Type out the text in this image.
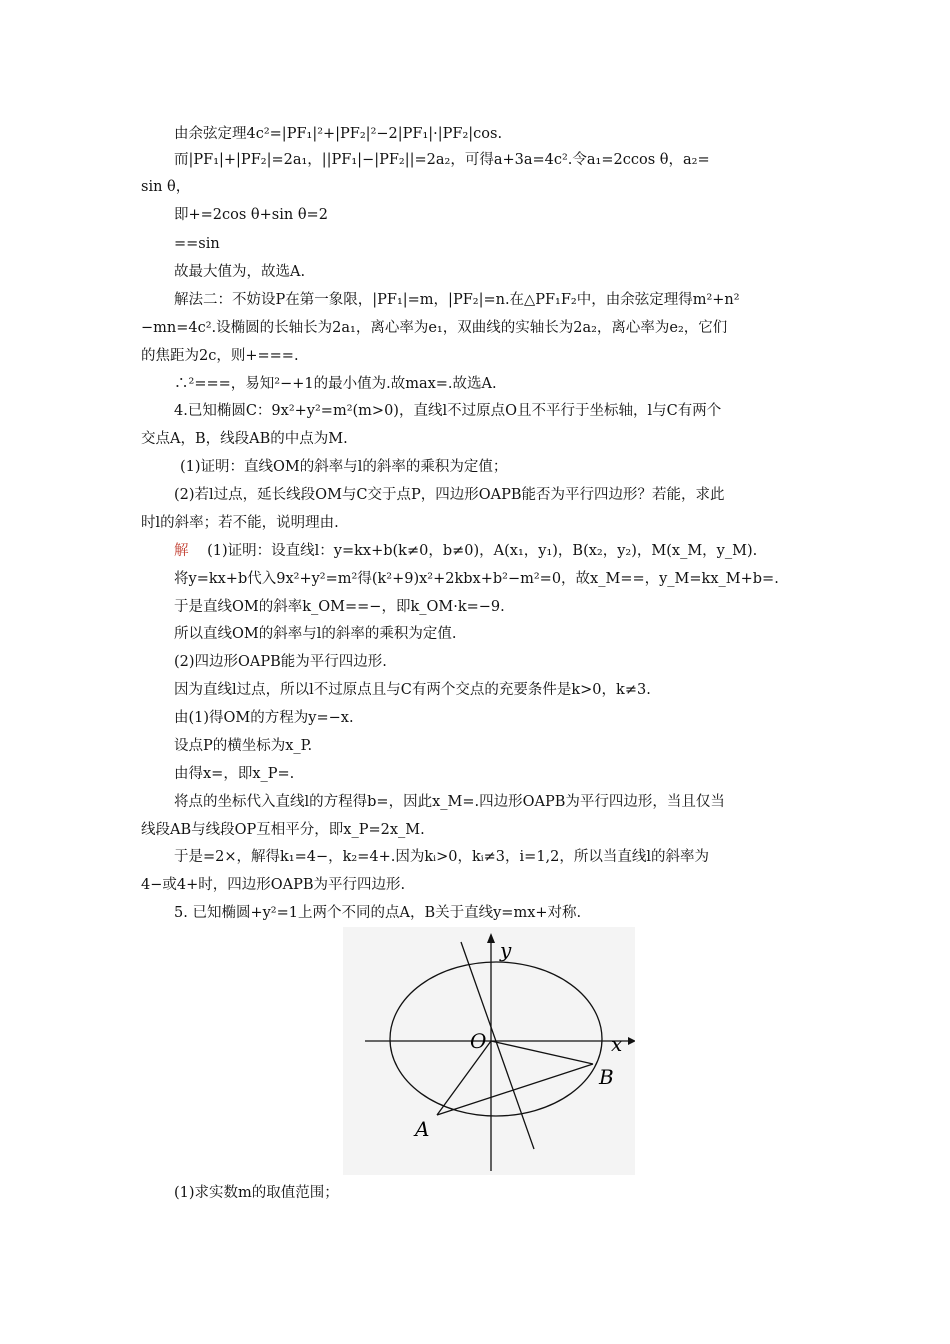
由余弦定理4c²=|PF₁|²+|PF₂|²−2|PF₁|·|PF₂|cos.
而|PF₁|+|PF₂|=2a₁，||PF₁|−|PF₂||=2a₂，可得a+3a=4c².令a₁=2ccos θ，a₂=
sin θ，
即+=2cos θ+sin θ=2
==sin
故最大值为，故选A.
解法二：不妨设P在第一象限，|PF₁|=m，|PF₂|=n.在△PF₁F₂中，由余弦定理得m²+n²
−mn=4c².设椭圆的长轴长为2a₁，离心率为e₁，双曲线的实轴长为2a₂，离心率为e₂，它们
的焦距为2c，则+===.
∴²===，易知²−+1的最小值为.故max=.故选A.
4.已知椭圆C：9x²+y²=m²(m>0)，直线l不过原点O且不平行于坐标轴，l与C有两个
交点A，B，线段AB的中点为M.
(1)证明：直线OM的斜率与l的斜率的乘积为定值；
(2)若l过点，延长线段OM与C交于点P，四边形OAPB能否为平行四边形？若能，求此
时l的斜率；若不能，说明理由.
解 (1)证明：设直线l：y=kx+b(k≠0，b≠0)，A(x₁，y₁)，B(x₂，y₂)，M(x_M，y_M).
将y=kx+b代入9x²+y²=m²得(k²+9)x²+2kbx+b²−m²=0，故x_M==，y_M=kx_M+b=.
于是直线OM的斜率k_OM==−，即k_OM·k=−9.
所以直线OM的斜率与l的斜率的乘积为定值.
(2)四边形OAPB能为平行四边形.
因为直线l过点，所以l不过原点且与C有两个交点的充要条件是k>0，k≠3.
由(1)得OM的方程为y=−x.
设点P的横坐标为x_P.
由得x=，即x_P=.
将点的坐标代入直线l的方程得b=，因此x_M=.四边形OAPB为平行四边形，当且仅当
线段AB与线段OP互相平分，即x_P=2x_M.
于是=2×，解得k₁=4−，k₂=4+.因为kᵢ>0，kᵢ≠3，i=1,2，所以当直线l的斜率为
4−或4+时，四边形OAPB为平行四边形.
5. 已知椭圆+y²=1上两个不同的点A，B关于直线y=mx+对称.
y
x
O
A
B
(1)求实数m的取值范围；
